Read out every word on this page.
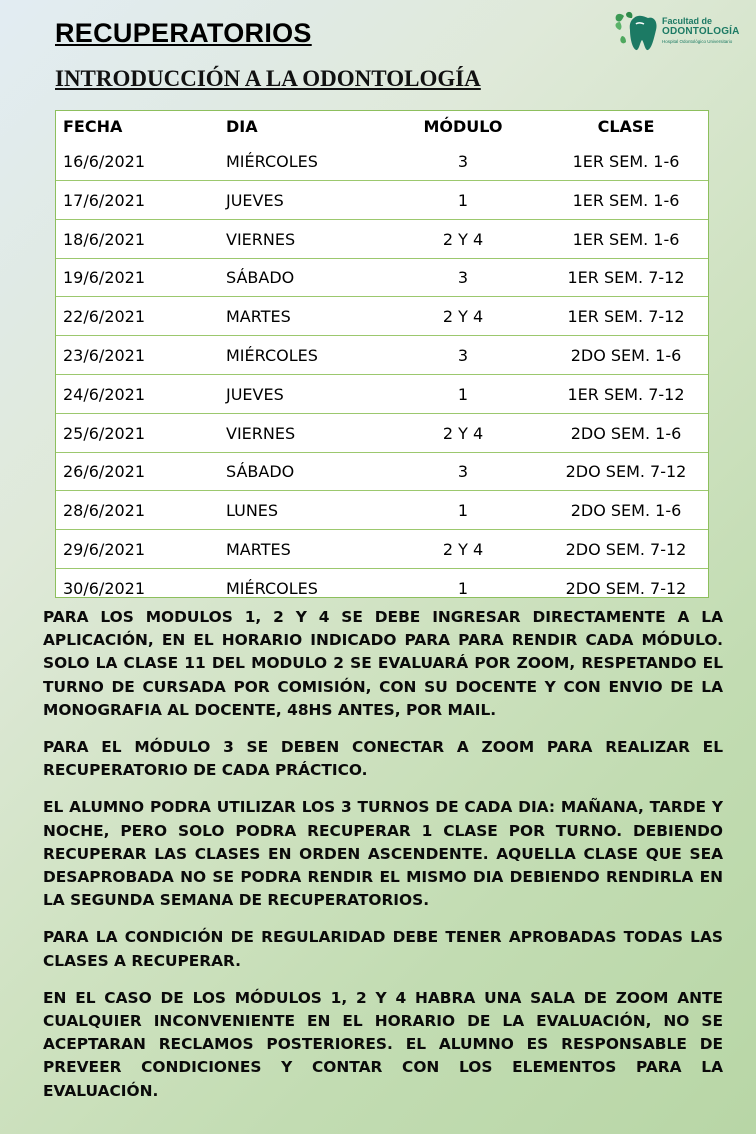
RECUPERATORIOS
INTRODUCCIÓN A LA ODONTOLOGÍA
Facultad de
ODONTOLOGÍA
Hospital Odontológico Universitario
FECHA	DIA	MÓDULO	CLASE
16/6/2021	MIÉRCOLES	3	1ER SEM. 1-6
17/6/2021	JUEVES	1	1ER SEM. 1-6
18/6/2021	VIERNES	2 Y 4	1ER SEM. 1-6
19/6/2021	SÁBADO	3	1ER SEM. 7-12
22/6/2021	MARTES	2 Y 4	1ER SEM. 7-12
23/6/2021	MIÉRCOLES	3	2DO SEM. 1-6
24/6/2021	JUEVES	1	1ER SEM. 7-12
25/6/2021	VIERNES	2 Y 4	2DO SEM. 1-6
26/6/2021	SÁBADO	3	2DO SEM. 7-12
28/6/2021	LUNES	1	2DO SEM. 1-6
29/6/2021	MARTES	2 Y 4	2DO SEM. 7-12
30/6/2021	MIÉRCOLES	1	2DO SEM. 7-12

PARA LOS MODULOS 1, 2 Y 4 SE DEBE INGRESAR DIRECTAMENTE A LA APLICACIÓN, EN EL HORARIO INDICADO PARA PARA RENDIR CADA MÓDULO. SOLO LA CLASE 11 DEL MODULO 2 SE EVALUARÁ POR ZOOM, RESPETANDO EL TURNO DE CURSADA POR COMISIÓN, CON SU DOCENTE Y CON ENVIO DE LA MONOGRAFIA AL DOCENTE, 48HS ANTES, POR MAIL.

PARA EL MÓDULO 3 SE DEBEN CONECTAR A ZOOM PARA REALIZAR EL RECUPERATORIO DE CADA PRÁCTICO.

EL ALUMNO PODRA UTILIZAR LOS 3 TURNOS DE CADA DIA: MAÑANA, TARDE Y NOCHE, PERO SOLO PODRA RECUPERAR 1 CLASE POR TURNO. DEBIENDO RECUPERAR LAS CLASES EN ORDEN ASCENDENTE. AQUELLA CLASE QUE SEA DESAPROBADA NO SE PODRA RENDIR EL MISMO DIA DEBIENDO RENDIRLA EN LA SEGUNDA SEMANA DE RECUPERATORIOS.

PARA LA CONDICIÓN DE REGULARIDAD DEBE TENER APROBADAS TODAS LAS CLASES A RECUPERAR.

EN EL CASO DE LOS MÓDULOS 1, 2 Y 4 HABRA UNA SALA DE ZOOM ANTE CUALQUIER INCONVENIENTE EN EL HORARIO DE LA EVALUACIÓN, NO SE ACEPTARAN RECLAMOS POSTERIORES. EL ALUMNO ES RESPONSABLE DE PREVEER CONDICIONES Y CONTAR CON LOS ELEMENTOS PARA LA EVALUACIÓN.
